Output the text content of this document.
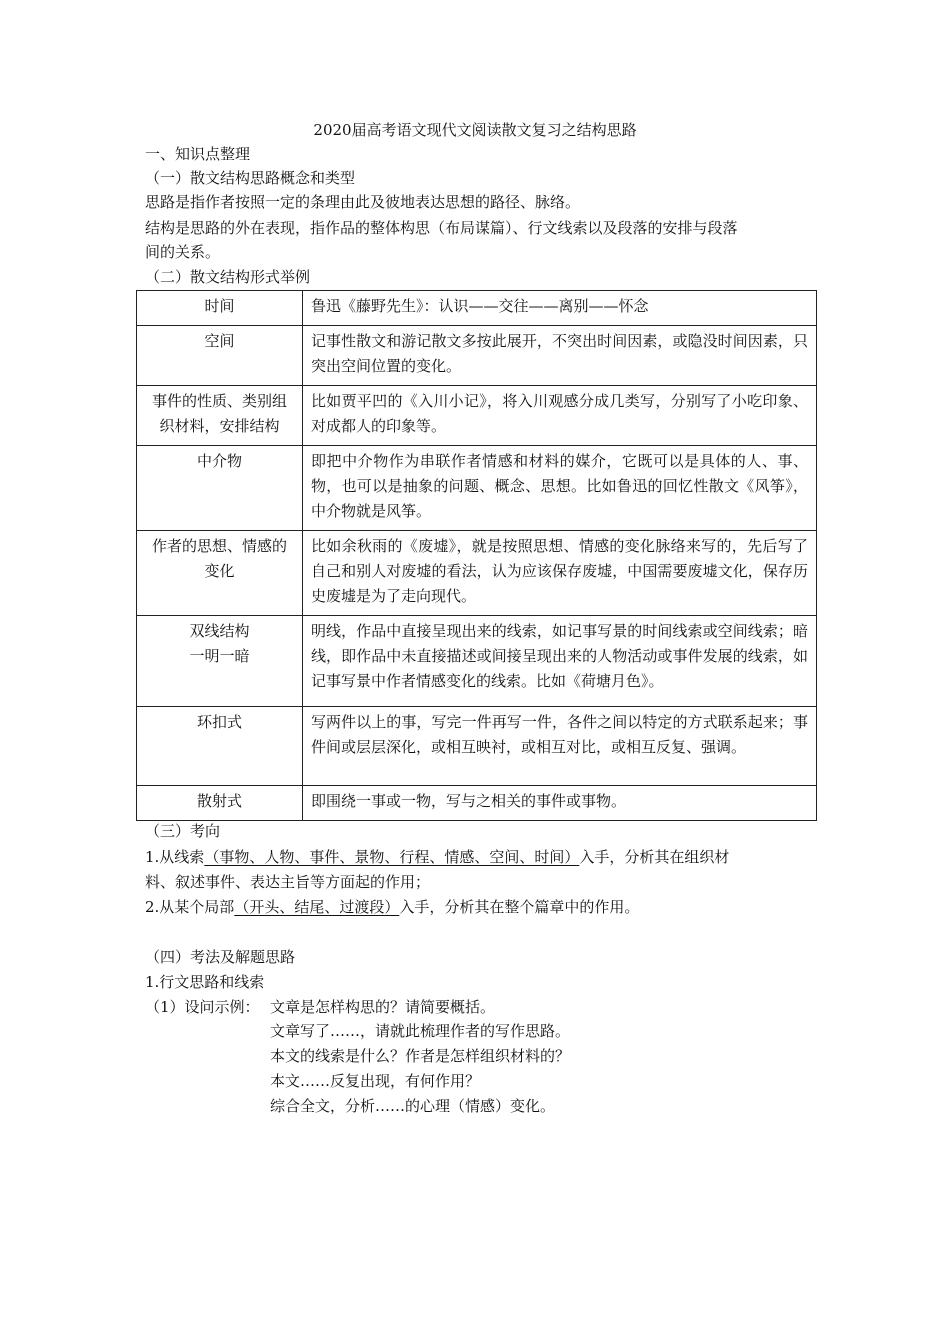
2020届高考语文现代文阅读散文复习之结构思路
一、知识点整理
（一）散文结构思路概念和类型
思路是指作者按照一定的条理由此及彼地表达思想的路径、脉络。
结构是思路的外在表现，指作品的整体构思（布局谋篇）、行文线索以及段落的安排与段落
间的关系。
（二）散文结构形式举例
时间	鲁迅《藤野先生》：认识——交往——离别——怀念
空间	记事性散文和游记散文多按此展开，不突出时间因素，或隐没时间因素，只突出空间位置的变化。
事件的性质、类别组织材料，安排结构	比如贾平凹的《入川小记》，将入川观感分成几类写，分别写了小吃印象、对成都人的印象等。
中介物	即把中介物作为串联作者情感和材料的媒介，它既可以是具体的人、事、物，也可以是抽象的问题、概念、思想。比如鲁迅的回忆性散文《风筝》，中介物就是风筝。
作者的思想、情感的变化	比如余秋雨的《废墟》，就是按照思想、情感的变化脉络来写的，先后写了自己和别人对废墟的看法，认为应该保存废墟，中国需要废墟文化，保存历史废墟是为了走向现代。
双线结构
一明一暗	明线，作品中直接呈现出来的线索，如记事写景的时间线索或空间线索；暗线，即作品中未直接描述或间接呈现出来的人物活动或事件发展的线索，如记事写景中作者情感变化的线索。比如《荷塘月色》。
环扣式	写两件以上的事，写完一件再写一件，各件之间以特定的方式联系起来；事件间或层层深化，或相互映衬，或相互对比，或相互反复、强调。
散射式	即围绕一事或一物，写与之相关的事件或事物。
（三）考向
1.从线索（事物、人物、事件、景物、行程、情感、空间、时间）入手，分析其在组织材
料、叙述事件、表达主旨等方面起的作用；
2.从某个局部（开头、结尾、过渡段）入手，分析其在整个篇章中的作用。
（四）考法及解题思路
1.行文思路和线索
（1）设问示例： 文章是怎样构思的？请简要概括。
文章写了……，请就此梳理作者的写作思路。
本文的线索是什么？作者是怎样组织材料的？
本文……反复出现，有何作用？
综合全文，分析……的心理（情感）变化。
